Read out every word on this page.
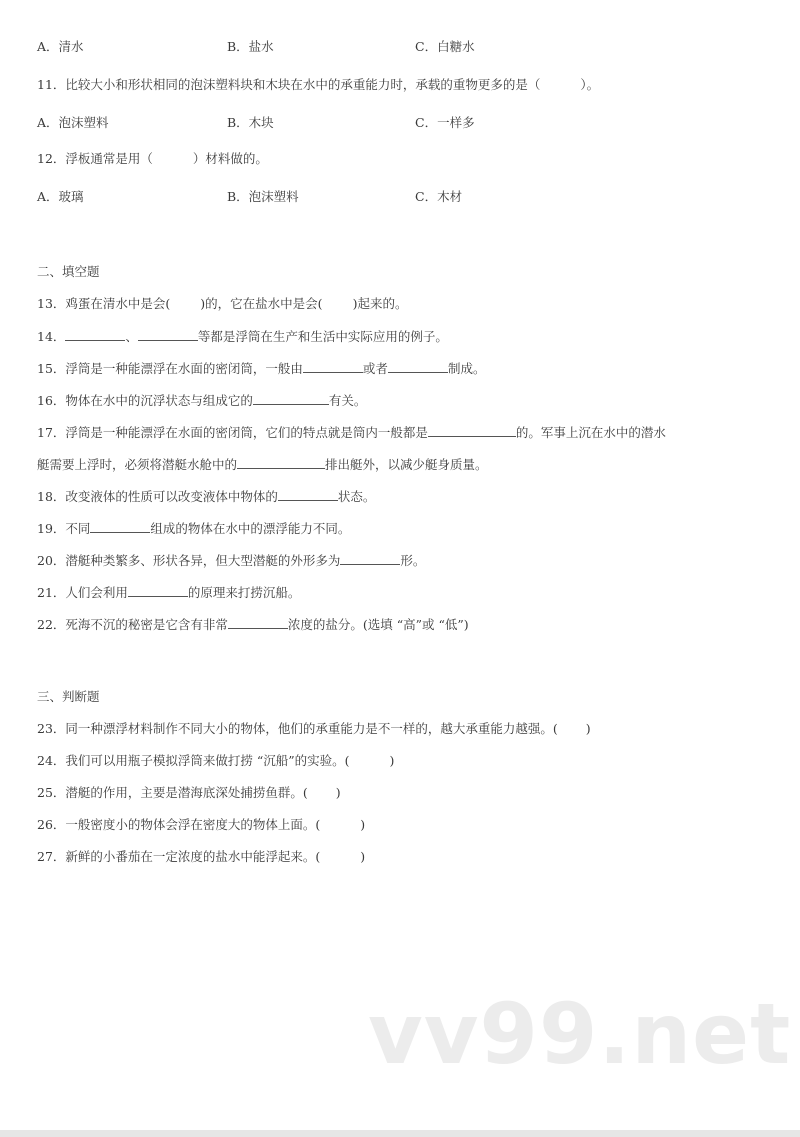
A．清水	B．盐水	C．白糖水
11．比较大小和形状相同的泡沫塑料块和木块在水中的承重能力时，承载的重物更多的是（	）。
A．泡沫塑料	B．木块	C．一样多
12．浮板通常是用（	）材料做的。
A．玻璃	B．泡沫塑料	C．木材
二、填空题
13．鸡蛋在清水中是会( )的，它在盐水中是会( )起来的。
14．	、	等都是浮筒在生产和生活中实际应用的例子。
15．浮筒是一种能漂浮在水面的密闭筒，一般由	或者	制成。
16．物体在水中的沉浮状态与组成它的	有关。
17．浮筒是一种能漂浮在水面的密闭筒，它们的特点就是筒内一般都是	的。军事上沉在水中的潜水
艇需要上浮时，必须将潜艇水舱中的	排出艇外，以减少艇身质量。
18．改变液体的性质可以改变液体中物体的	状态。
19．不同	组成的物体在水中的漂浮能力不同。
20．潜艇种类繁多、形状各异，但大型潜艇的外形多为	形。
21．人们会利用	的原理来打捞沉船。
22．死海不沉的秘密是它含有非常	浓度的盐分。(选填 “高”或 “低”)
三、判断题
23．同一种漂浮材料制作不同大小的物体，他们的承重能力是不一样的，越大承重能力越强。( )
24．我们可以用瓶子模拟浮筒来做打捞 “沉船”的实验。(	)
25．潜艇的作用，主要是潜海底深处捕捞鱼群。( )
26．一般密度小的物体会浮在密度大的物体上面。(	)
27．新鲜的小番茄在一定浓度的盐水中能浮起来。(	)
vv99.net
